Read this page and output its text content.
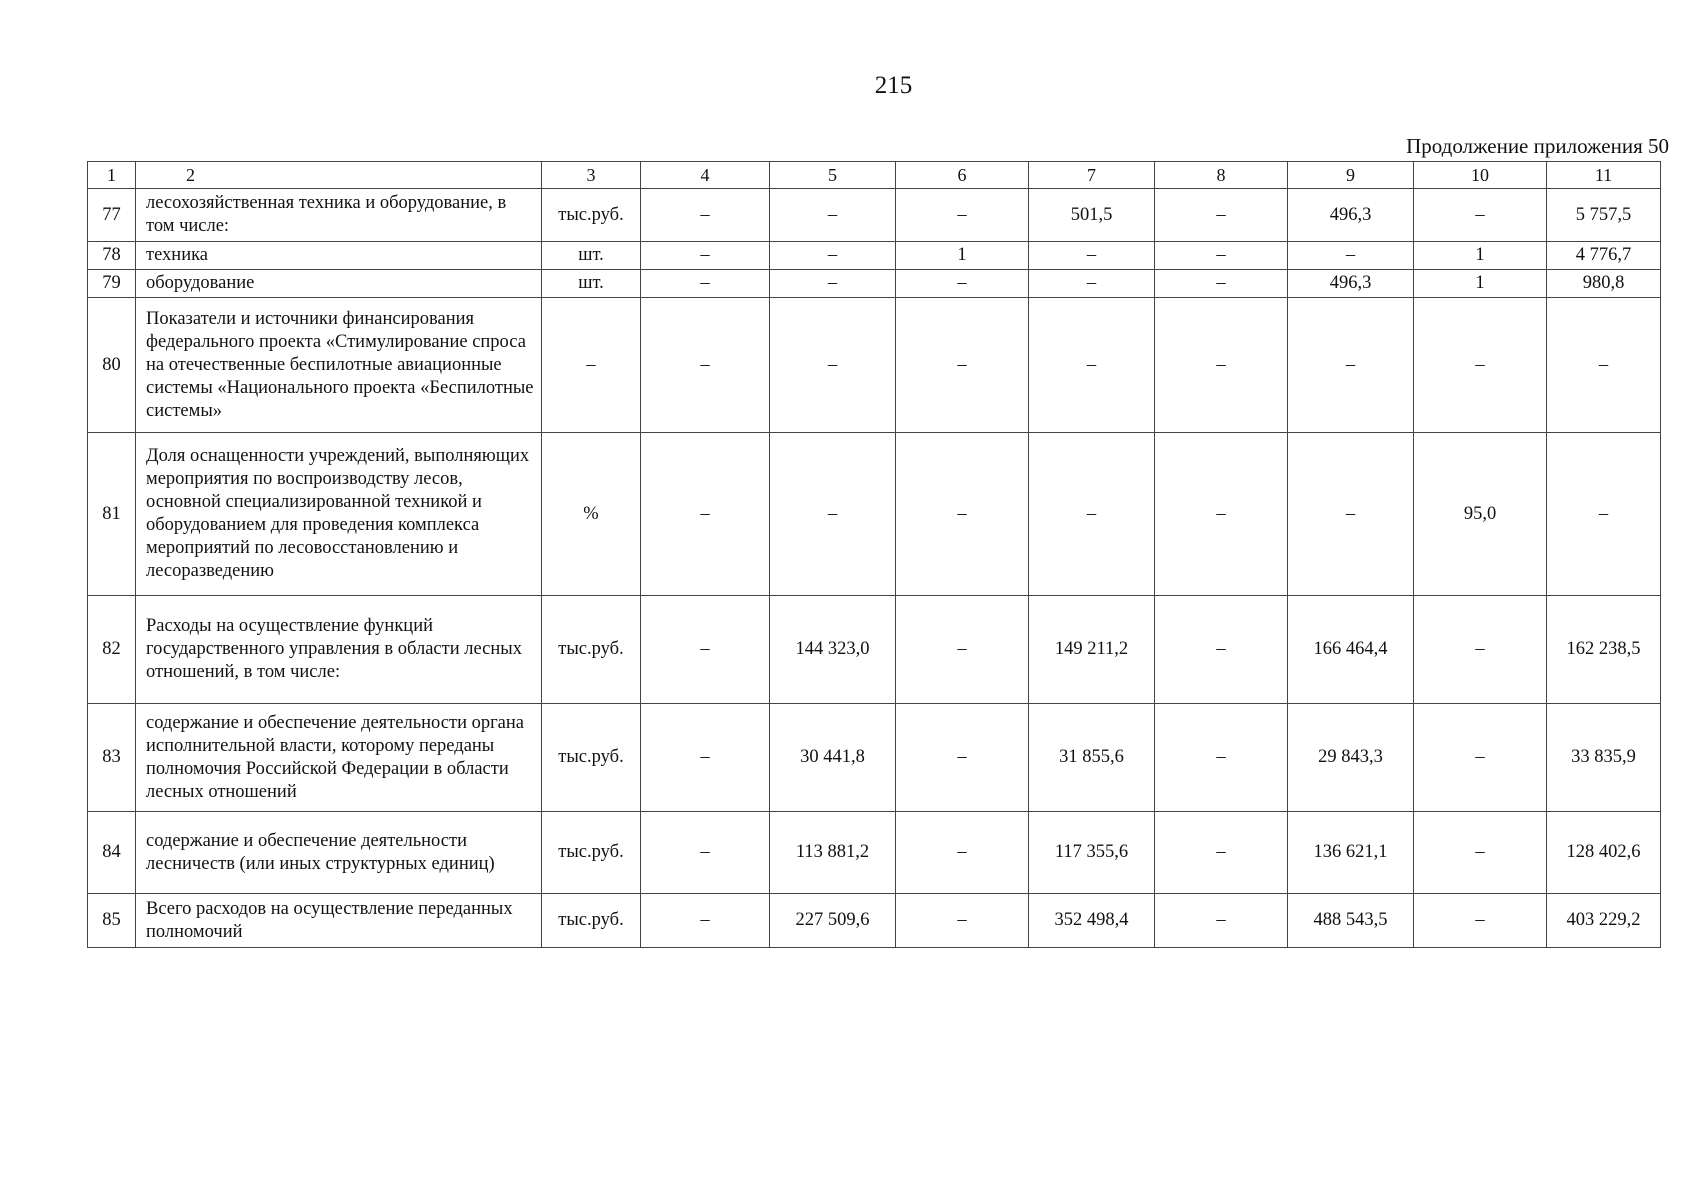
215
Продолжение приложения 50
1	2	3	4	5	6	7	8	9	10	11
77	лесохозяйственная техника и оборудование, в том числе:	тыс.руб.	–	–	–	501,5	–	496,3	–	5 757,5
78	техника	шт.	–	–	1	–	–	–	1	4 776,7
79	оборудование	шт.	–	–	–	–	–	496,3	1	980,8
80	Показатели и источники финансирования федерального проекта «Стимулирование спроса на отечественные беспилотные авиационные системы «Национального проекта «Беспилотные системы»	–	–	–	–	–	–	–	–	–
81	Доля оснащенности учреждений, выполняющих мероприятия по воспроизводству лесов, основной специализированной техникой и оборудованием для проведения комплекса мероприятий по лесовосстановлению и лесоразведению	%	–	–	–	–	–	–	95,0	–
82	Расходы на осуществление функций государственного управления в области лесных отношений, в том числе:	тыс.руб.	–	144 323,0	–	149 211,2	–	166 464,4	–	162 238,5
83	содержание и обеспечение деятельности органа исполнительной власти, которому переданы полномочия Российской Федерации в области лесных отношений	тыс.руб.	–	30 441,8	–	31 855,6	–	29 843,3	–	33 835,9
84	содержание и обеспечение деятельности лесничеств (или иных структурных единиц)	тыс.руб.	–	113 881,2	–	117 355,6	–	136 621,1	–	128 402,6
85	Всего расходов на осуществление переданных полномочий	тыс.руб.	–	227 509,6	–	352 498,4	–	488 543,5	–	403 229,2
